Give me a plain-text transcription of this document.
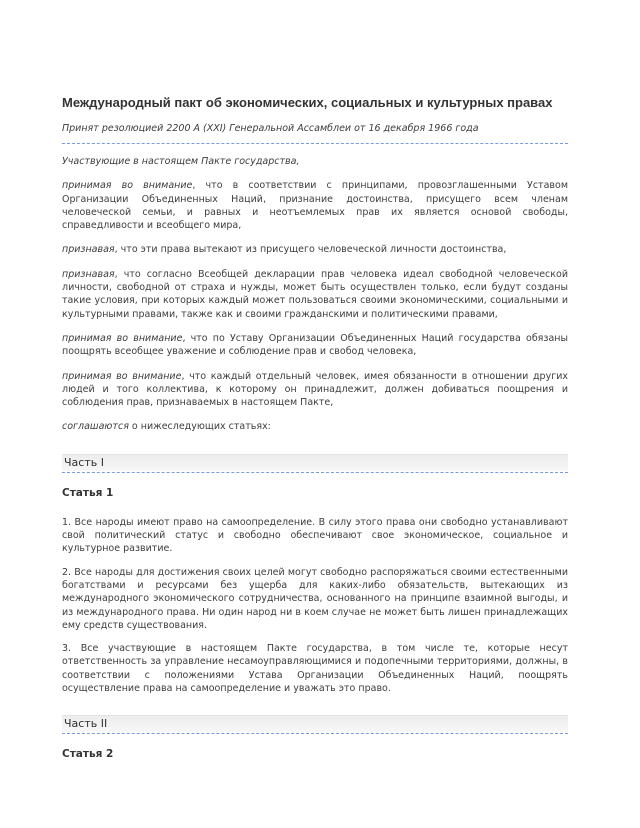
Международный пакт об экономических, социальных и культурных правах
Принят резолюцией 2200 А (XXI) Генеральной Ассамблеи от 16 декабря 1966 года

Участвующие в настоящем Пакте государства,

принимая во внимание, что в соответствии с принципами, провозглашенными Уставом Организации Объединенных Наций, признание достоинства, присущего всем членам человеческой семьи, и равных и неотъемлемых прав их является основой свободы, справедливости и всеобщего мира,

признавая, что эти права вытекают из присущего человеческой личности достоинства,

признавая, что согласно Всеобщей декларации прав человека идеал свободной человеческой личности, свободной от страха и нужды, может быть осуществлен только, если будут созданы такие условия, при которых каждый может пользоваться своими экономическими, социальными и культурными правами, также как и своими гражданскими и политическими правами,

принимая во внимание, что по Уставу Организации Объединенных Наций государства обязаны поощрять всеобщее уважение и соблюдение прав и свобод человека,

принимая во внимание, что каждый отдельный человек, имея обязанности в отношении других людей и того коллектива, к которому он принадлежит, должен добиваться поощрения и соблюдения прав, признаваемых в настоящем Пакте,

соглашаются о нижеследующих статьях:

Часть I
Статья 1

1. Все народы имеют право на самоопределение. В силу этого права они свободно устанавливают свой политический статус и свободно обеспечивают свое экономическое, социальное и культурное развитие.

2. Все народы для достижения своих целей могут свободно распоряжаться своими естественными богатствами и ресурсами без ущерба для каких-либо обязательств, вытекающих из международного экономического сотрудничества, основанного на принципе взаимной выгоды, и из международного права. Ни один народ ни в коем случае не может быть лишен принадлежащих ему средств существования.

3. Все участвующие в настоящем Пакте государства, в том числе те, которые несут ответственность за управление несамоуправляющимися и подопечными территориями, должны, в соответствии с положениями Устава Организации Объединенных Наций, поощрять осуществление права на самоопределение и уважать это право.

Часть II
Статья 2
